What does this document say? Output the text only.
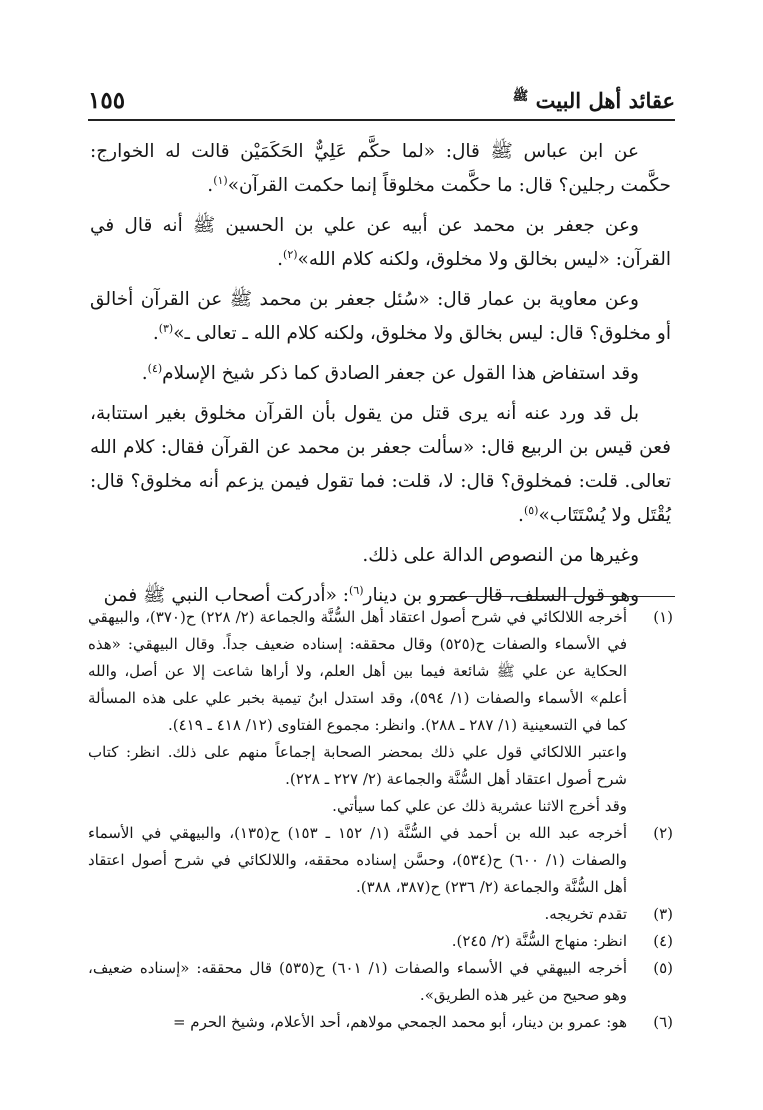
عقائد أهل البيت $^ﷺ$
١٥٥

عن ابن عباس ﷺ قال: «لما حكَّم عَلِيٌّ الحَكَمَيْن قالت له الخوارج: حكَّمت رجلين؟ قال: ما حكَّمت مخلوقاً إنما حكمت القرآن»$^{(١)}$.

وعن جعفر بن محمد عن أبيه عن علي بن الحسين ﷺ أنه قال في القرآن: «ليس بخالق ولا مخلوق، ولكنه كلام الله»$^{(٢)}$.

وعن معاوية بن عمار قال: «سُئل جعفر بن محمد ﷺ عن القرآن أخالق أو مخلوق؟ قال: ليس بخالق ولا مخلوق، ولكنه كلام الله ـ تعالى ـ»$^{(٣)}$.

وقد استفاض هذا القول عن جعفر الصادق كما ذكر شيخ الإسلام$^{(٤)}$.

بل قد ورد عنه أنه يرى قتل من يقول بأن القرآن مخلوق بغير استتابة، فعن قيس بن الربيع قال: «سألت جعفر بن محمد عن القرآن فقال: كلام الله تعالى. قلت: فمخلوق؟ قال: لا، قلت: فما تقول فيمن يزعم أنه مخلوق؟ قال: يُقْتَل ولا يُسْتَتَاب»$^{(٥)}$.

وغيرها من النصوص الدالة على ذلك.

وهو قول السلف، قال عمرو بن دينار$^{(٦)}$: «أدركت أصحاب النبي ﷺ فمن

(١)

أخرجه اللالكائي في شرح أصول اعتقاد أهل السُّنَّة والجماعة (٢/ ٢٢٨) ح(٣٧٠)، والبيهقي في الأسماء والصفات ح(٥٢٥) وقال محققه: إسناده ضعيف جداً. وقال البيهقي: «هذه الحكاية عن علي ﷺ شائعة فيما بين أهل العلم، ولا أراها شاعت إلا عن أصل، والله أعلم» الأسماء والصفات (١/ ٥٩٤)، وقد استدل ابنُ تيمية بخبر علي على هذه المسألة كما في التسعينية (١/ ٢٨٧ ـ ٢٨٨). وانظر: مجموع الفتاوى (١٢/ ٤١٨ ـ ٤١٩).

واعتبر اللالكائي قول علي ذلك بمحضر الصحابة إجماعاً منهم على ذلك. انظر: كتاب شرح أصول اعتقاد أهل السُّنَّة والجماعة (٢/ ٢٢٧ ـ ٢٢٨).

وقد أخرج الاثنا عشرية ذلك عن علي كما سيأتي.

(٢)

أخرجه عبد الله بن أحمد في السُّنَّة (١/ ١٥٢ ـ ١٥٣) ح(١٣٥)، والبيهقي في الأسماء والصفات (١/ ٦٠٠) ح(٥٣٤)، وحسَّن إسناده محققه، واللالكائي في شرح أصول اعتقاد أهل السُّنَّة والجماعة (٢/ ٢٣٦) ح(٣٨٧، ٣٨٨).

(٣)

تقدم تخريجه.

(٤)

انظر: منهاج السُّنَّة (٢/ ٢٤٥).

(٥)

أخرجه البيهقي في الأسماء والصفات (١/ ٦٠١) ح(٥٣٥) قال محققه: «إسناده ضعيف، وهو صحيح من غير هذه الطريق».

(٦)

هو: عمرو بن دينار، أبو محمد الجمحي مولاهم، أحد الأعلام، وشيخ الحرم =
